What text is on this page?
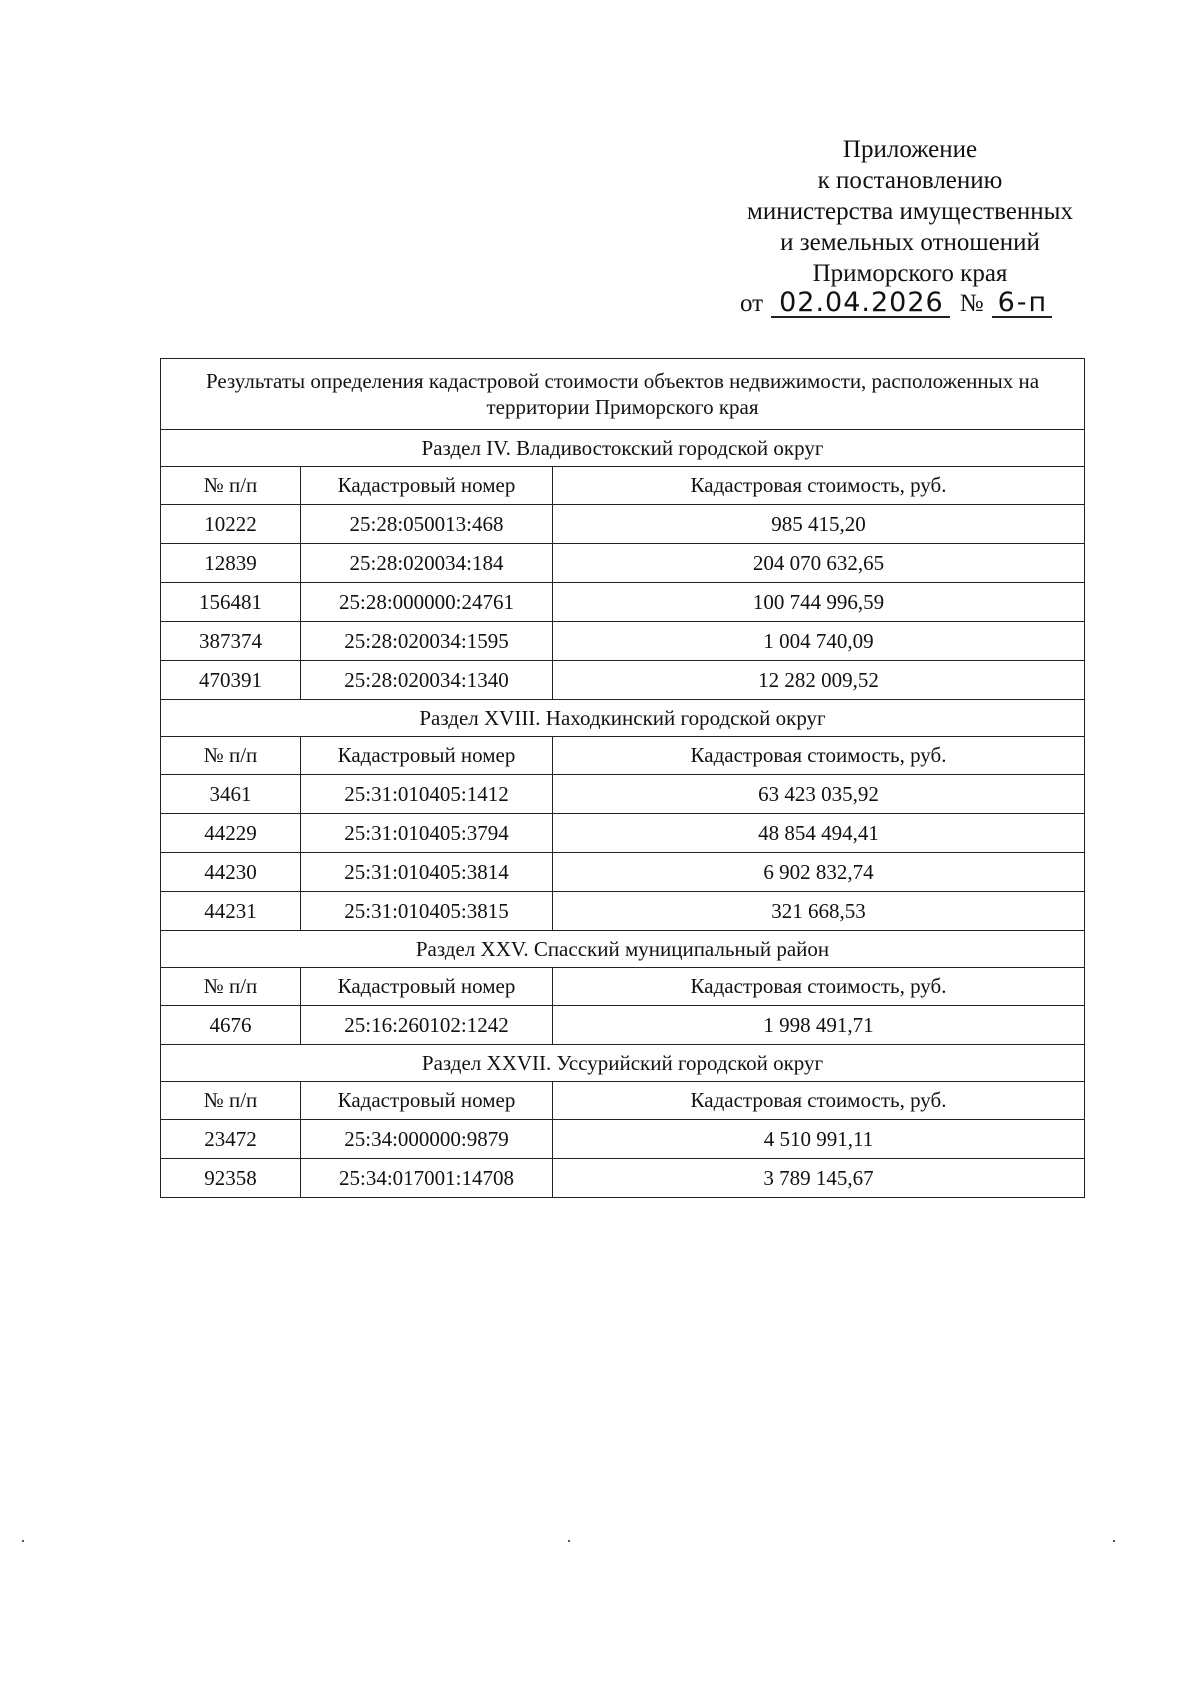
Приложение
к постановлению
министерства имущественных
и земельных отношений
Приморского края
от 02.04.2026 № 6-п
Результаты определения кадастровой стоимости объектов недвижимости, расположенных на территории Приморского края		
Раздел IV. Владивостокский городской округ		
№ п/п	Кадастровый номер	Кадастровая стоимость, руб.
10222	25:28:050013:468	985 415,20
12839	25:28:020034:184	204 070 632,65
156481	25:28:000000:24761	100 744 996,59
387374	25:28:020034:1595	1 004 740,09
470391	25:28:020034:1340	12 282 009,52
Раздел XVIII. Находкинский городской округ		
№ п/п	Кадастровый номер	Кадастровая стоимость, руб.
3461	25:31:010405:1412	63 423 035,92
44229	25:31:010405:3794	48 854 494,41
44230	25:31:010405:3814	6 902 832,74
44231	25:31:010405:3815	321 668,53
Раздел XXV. Спасский муниципальный район		
№ п/п	Кадастровый номер	Кадастровая стоимость, руб.
4676	25:16:260102:1242	1 998 491,71
Раздел XXVII. Уссурийский городской округ		
№ п/п	Кадастровый номер	Кадастровая стоимость, руб.
23472	25:34:000000:9879	4 510 991,11
92358	25:34:017001:14708	3 789 145,67
